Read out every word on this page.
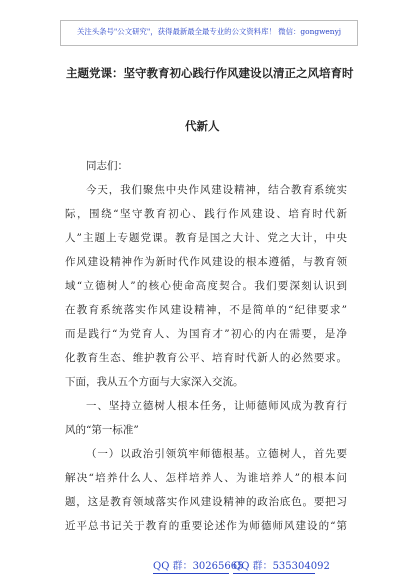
关注头条号"公文研究"，获得最新最全最专业的公文资料库！ 微信：gongwenyj
主题党课：坚守教育初心践行作风建设以清正之风培育时
代新人
同志们：
今天，我们聚焦中央作风建设精神，结合教育系统实
际，围绕“坚守教育初心、践行作风建设、培育时代新
人”主题上专题党课。教育是国之大计、党之大计，中央
作风建设精神作为新时代作风建设的根本遵循，与教育领
域“立德树人”的核心使命高度契合。我们要深刻认识到
在教育系统落实作风建设精神，不是简单的“纪律要求”
而是践行“为党育人、为国育才”初心的内在需要，是净
化教育生态、维护教育公平、培育时代新人的必然要求。
下面，我从五个方面与大家深入交流。
一、坚持立德树人根本任务，让师德师风成为教育行
风的“第一标准”
（一）以政治引领筑牢师德根基。立德树人，首先要
解决“培养什么人、怎样培养人、为谁培养人”的根本问
题，这是教育领域落实作风建设精神的政治底色。要把习
近平总书记关于教育的重要论述作为师德师风建设的“第
QQ 群：30265665
QQ 群：535304092
